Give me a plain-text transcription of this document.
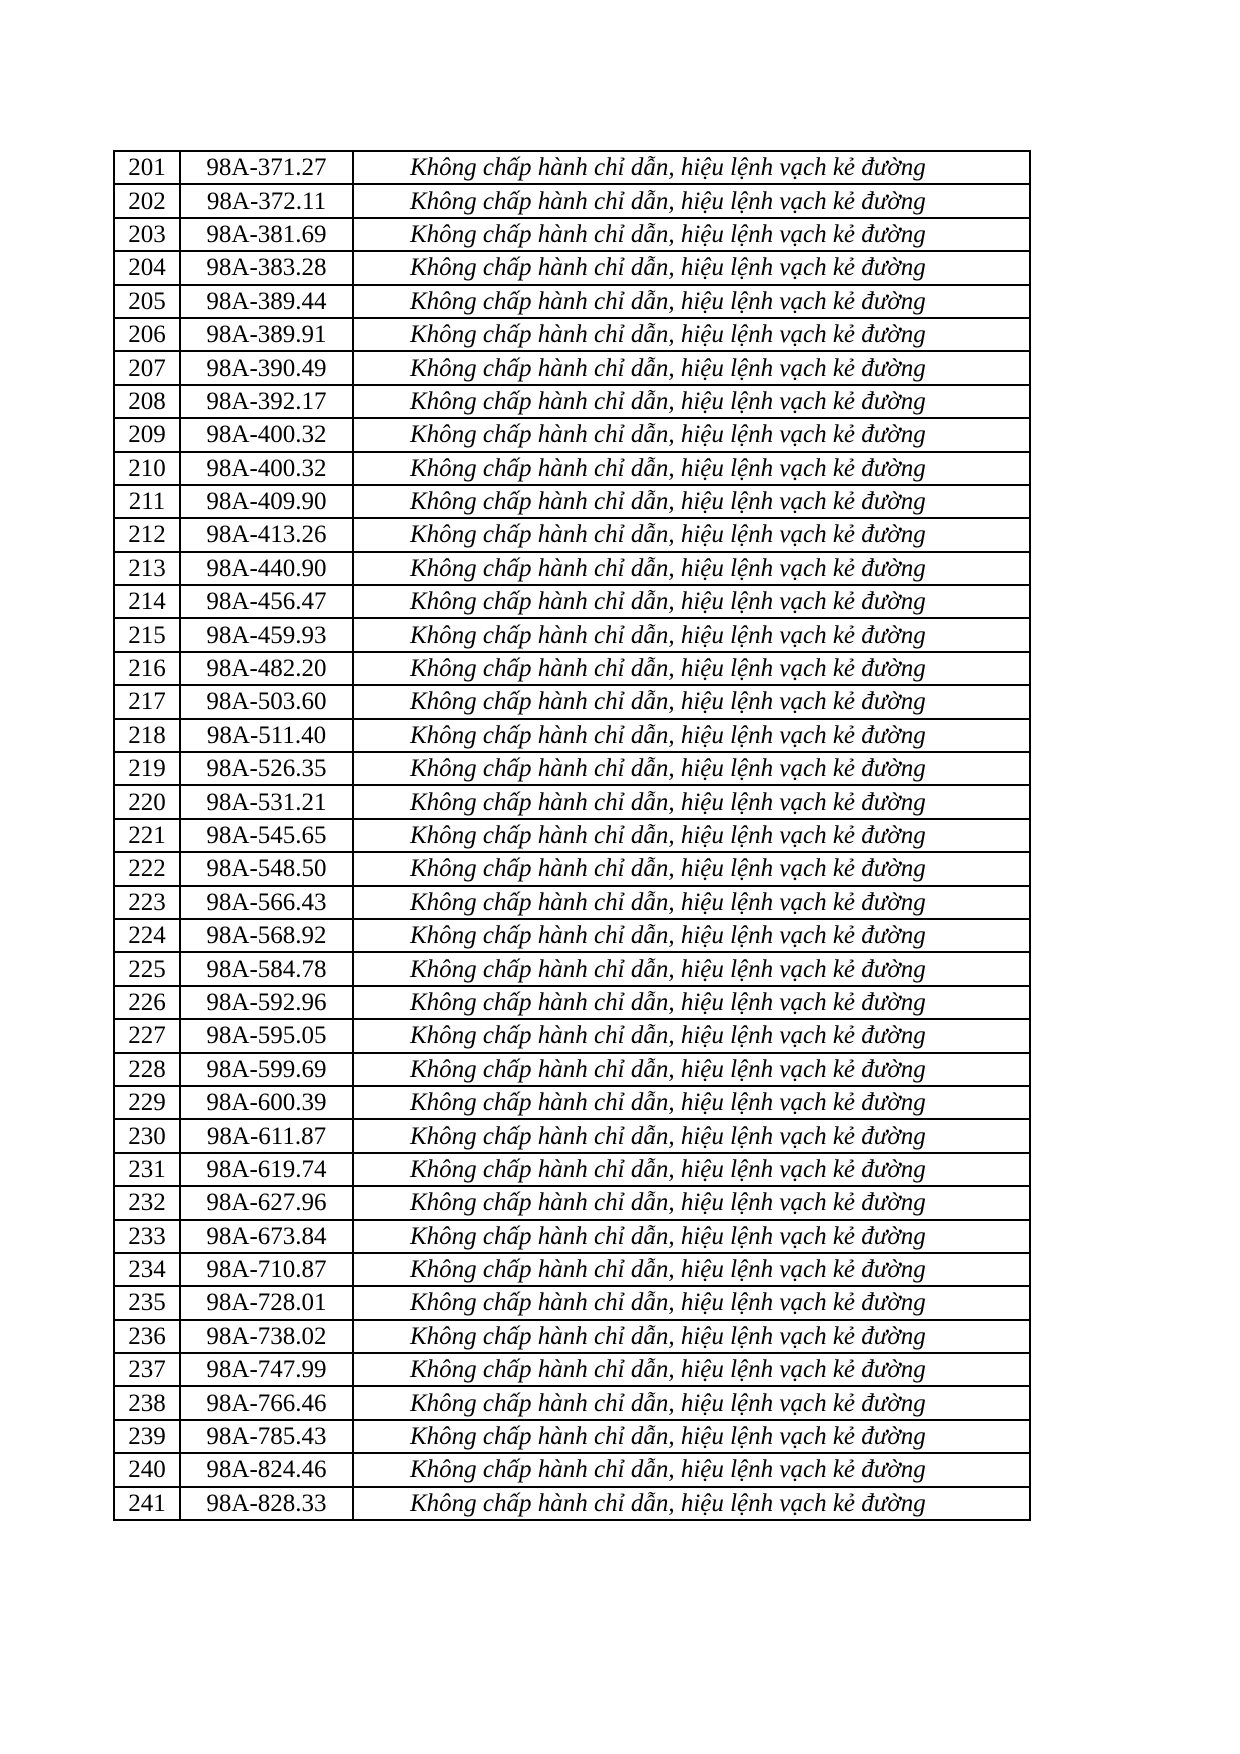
201	98A-371.27	Không chấp hành chỉ dẫn, hiệu lệnh vạch kẻ đường
202	98A-372.11	Không chấp hành chỉ dẫn, hiệu lệnh vạch kẻ đường
203	98A-381.69	Không chấp hành chỉ dẫn, hiệu lệnh vạch kẻ đường
204	98A-383.28	Không chấp hành chỉ dẫn, hiệu lệnh vạch kẻ đường
205	98A-389.44	Không chấp hành chỉ dẫn, hiệu lệnh vạch kẻ đường
206	98A-389.91	Không chấp hành chỉ dẫn, hiệu lệnh vạch kẻ đường
207	98A-390.49	Không chấp hành chỉ dẫn, hiệu lệnh vạch kẻ đường
208	98A-392.17	Không chấp hành chỉ dẫn, hiệu lệnh vạch kẻ đường
209	98A-400.32	Không chấp hành chỉ dẫn, hiệu lệnh vạch kẻ đường
210	98A-400.32	Không chấp hành chỉ dẫn, hiệu lệnh vạch kẻ đường
211	98A-409.90	Không chấp hành chỉ dẫn, hiệu lệnh vạch kẻ đường
212	98A-413.26	Không chấp hành chỉ dẫn, hiệu lệnh vạch kẻ đường
213	98A-440.90	Không chấp hành chỉ dẫn, hiệu lệnh vạch kẻ đường
214	98A-456.47	Không chấp hành chỉ dẫn, hiệu lệnh vạch kẻ đường
215	98A-459.93	Không chấp hành chỉ dẫn, hiệu lệnh vạch kẻ đường
216	98A-482.20	Không chấp hành chỉ dẫn, hiệu lệnh vạch kẻ đường
217	98A-503.60	Không chấp hành chỉ dẫn, hiệu lệnh vạch kẻ đường
218	98A-511.40	Không chấp hành chỉ dẫn, hiệu lệnh vạch kẻ đường
219	98A-526.35	Không chấp hành chỉ dẫn, hiệu lệnh vạch kẻ đường
220	98A-531.21	Không chấp hành chỉ dẫn, hiệu lệnh vạch kẻ đường
221	98A-545.65	Không chấp hành chỉ dẫn, hiệu lệnh vạch kẻ đường
222	98A-548.50	Không chấp hành chỉ dẫn, hiệu lệnh vạch kẻ đường
223	98A-566.43	Không chấp hành chỉ dẫn, hiệu lệnh vạch kẻ đường
224	98A-568.92	Không chấp hành chỉ dẫn, hiệu lệnh vạch kẻ đường
225	98A-584.78	Không chấp hành chỉ dẫn, hiệu lệnh vạch kẻ đường
226	98A-592.96	Không chấp hành chỉ dẫn, hiệu lệnh vạch kẻ đường
227	98A-595.05	Không chấp hành chỉ dẫn, hiệu lệnh vạch kẻ đường
228	98A-599.69	Không chấp hành chỉ dẫn, hiệu lệnh vạch kẻ đường
229	98A-600.39	Không chấp hành chỉ dẫn, hiệu lệnh vạch kẻ đường
230	98A-611.87	Không chấp hành chỉ dẫn, hiệu lệnh vạch kẻ đường
231	98A-619.74	Không chấp hành chỉ dẫn, hiệu lệnh vạch kẻ đường
232	98A-627.96	Không chấp hành chỉ dẫn, hiệu lệnh vạch kẻ đường
233	98A-673.84	Không chấp hành chỉ dẫn, hiệu lệnh vạch kẻ đường
234	98A-710.87	Không chấp hành chỉ dẫn, hiệu lệnh vạch kẻ đường
235	98A-728.01	Không chấp hành chỉ dẫn, hiệu lệnh vạch kẻ đường
236	98A-738.02	Không chấp hành chỉ dẫn, hiệu lệnh vạch kẻ đường
237	98A-747.99	Không chấp hành chỉ dẫn, hiệu lệnh vạch kẻ đường
238	98A-766.46	Không chấp hành chỉ dẫn, hiệu lệnh vạch kẻ đường
239	98A-785.43	Không chấp hành chỉ dẫn, hiệu lệnh vạch kẻ đường
240	98A-824.46	Không chấp hành chỉ dẫn, hiệu lệnh vạch kẻ đường
241	98A-828.33	Không chấp hành chỉ dẫn, hiệu lệnh vạch kẻ đường
